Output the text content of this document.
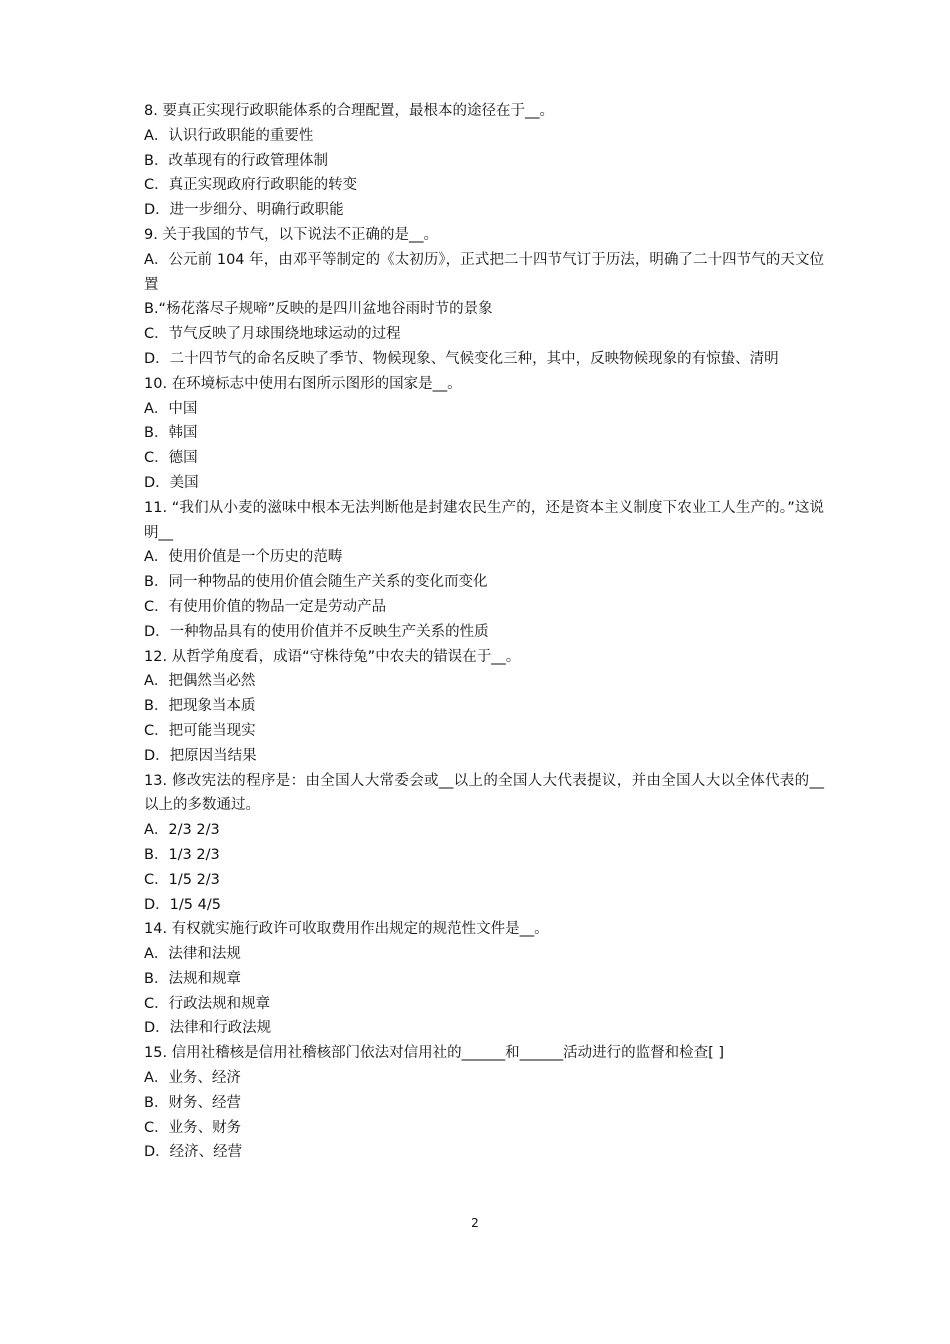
8. 要真正实现行政职能体系的合理配置，最根本的途径在于__。
A．认识行政职能的重要性
B．改革现有的行政管理体制
C．真正实现政府行政职能的转变
D．进一步细分、明确行政职能
9. 关于我国的节气，以下说法不正确的是__。
A．公元前 104 年，由邓平等制定的《太初历》，正式把二十四节气订于历法，明确了二十四节气的天文位置
B.“杨花落尽子规啼”反映的是四川盆地谷雨时节的景象
C．节气反映了月球围绕地球运动的过程
D．二十四节气的命名反映了季节、物候现象、气候变化三种，其中，反映物候现象的有惊蛰、清明
10. 在环境标志中使用右图所示图形的国家是__。
A．中国
B．韩国
C．德国
D．美国
11. “我们从小麦的滋味中根本无法判断他是封建农民生产的，还是资本主义制度下农业工人生产的。”这说明__
A．使用价值是一个历史的范畴
B．同一种物品的使用价值会随生产关系的变化而变化
C．有使用价值的物品一定是劳动产品
D．一种物品具有的使用价值并不反映生产关系的性质
12. 从哲学角度看，成语“守株待兔”中农夫的错误在于__。
A．把偶然当必然
B．把现象当本质
C．把可能当现实
D．把原因当结果
13. 修改宪法的程序是：由全国人大常委会或__以上的全国人大代表提议，并由全国人大以全体代表的__以上的多数通过。
A．2/3 2/3
B．1/3 2/3
C．1/5 2/3
D．1/5 4/5
14. 有权就实施行政许可收取费用作出规定的规范性文件是__。
A．法律和法规
B．法规和规章
C．行政法规和规章
D．法律和行政法规
15. 信用社稽核是信用社稽核部门依法对信用社的______和______活动进行的监督和检查[ ]
A．业务、经济
B．财务、经营
C．业务、财务
D．经济、经营
2
